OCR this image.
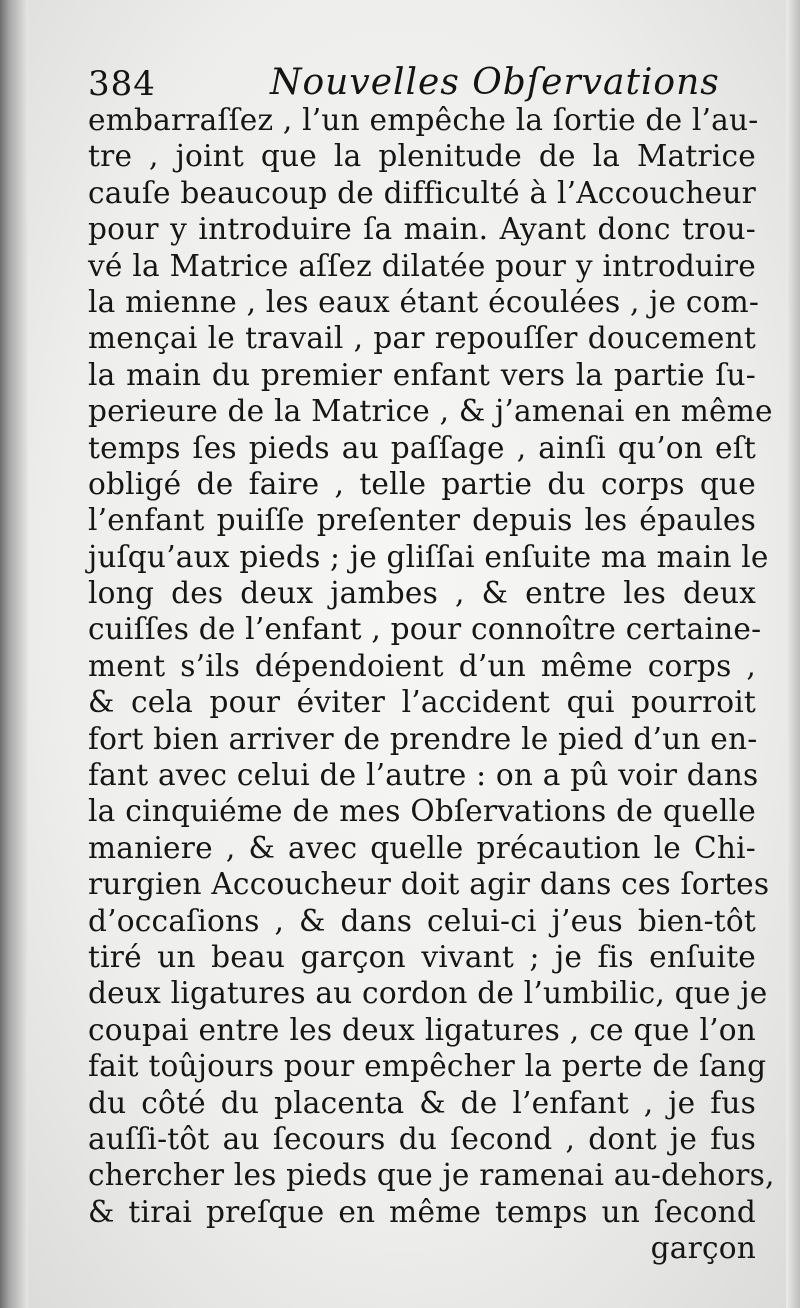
384	Nouvelles Obſervations
embarraſſez , l’un empêche la ſortie de l’au-
tre , joint que la plenitude de la Matrice
cauſe beaucoup de difficulté à l’Accoucheur
pour y introduire ſa main. Ayant donc trou-
vé la Matrice aſſez dilatée pour y introduire
la mienne , les eaux étant écoulées , je com-
mençai le travail , par repouſſer doucement
la main du premier enfant vers la partie ſu-
perieure de la Matrice , & j’amenai en même
temps ſes pieds au paſſage , ainſi qu’on eſt
obligé de faire , telle partie du corps que
l’enfant puiſſe preſenter depuis les épaules
juſqu’aux pieds ; je gliſſai enſuite ma main le
long des deux jambes , & entre les deux
cuiſſes de l’enfant , pour connoître certaine-
ment s’ils dépendoient d’un même corps ,
& cela pour éviter l’accident qui pourroit
fort bien arriver de prendre le pied d’un en-
fant avec celui de l’autre : on a pû voir dans
la cinquiéme de mes Obſervations de quelle
maniere , & avec quelle précaution le Chi-
rurgien Accoucheur doit agir dans ces ſortes
d’occaſions , & dans celui-ci j’eus bien-tôt
tiré un beau garçon vivant ; je fis enſuite
deux ligatures au cordon de l’umbilic, que je
coupai entre les deux ligatures , ce que l’on
fait toûjours pour empêcher la perte de ſang
du côté du placenta & de l’enfant , je fus
auſſi-tôt au ſecours du ſecond , dont je fus
chercher les pieds que je ramenai au-dehors,
& tirai preſque en même temps un ſecond
garçon
